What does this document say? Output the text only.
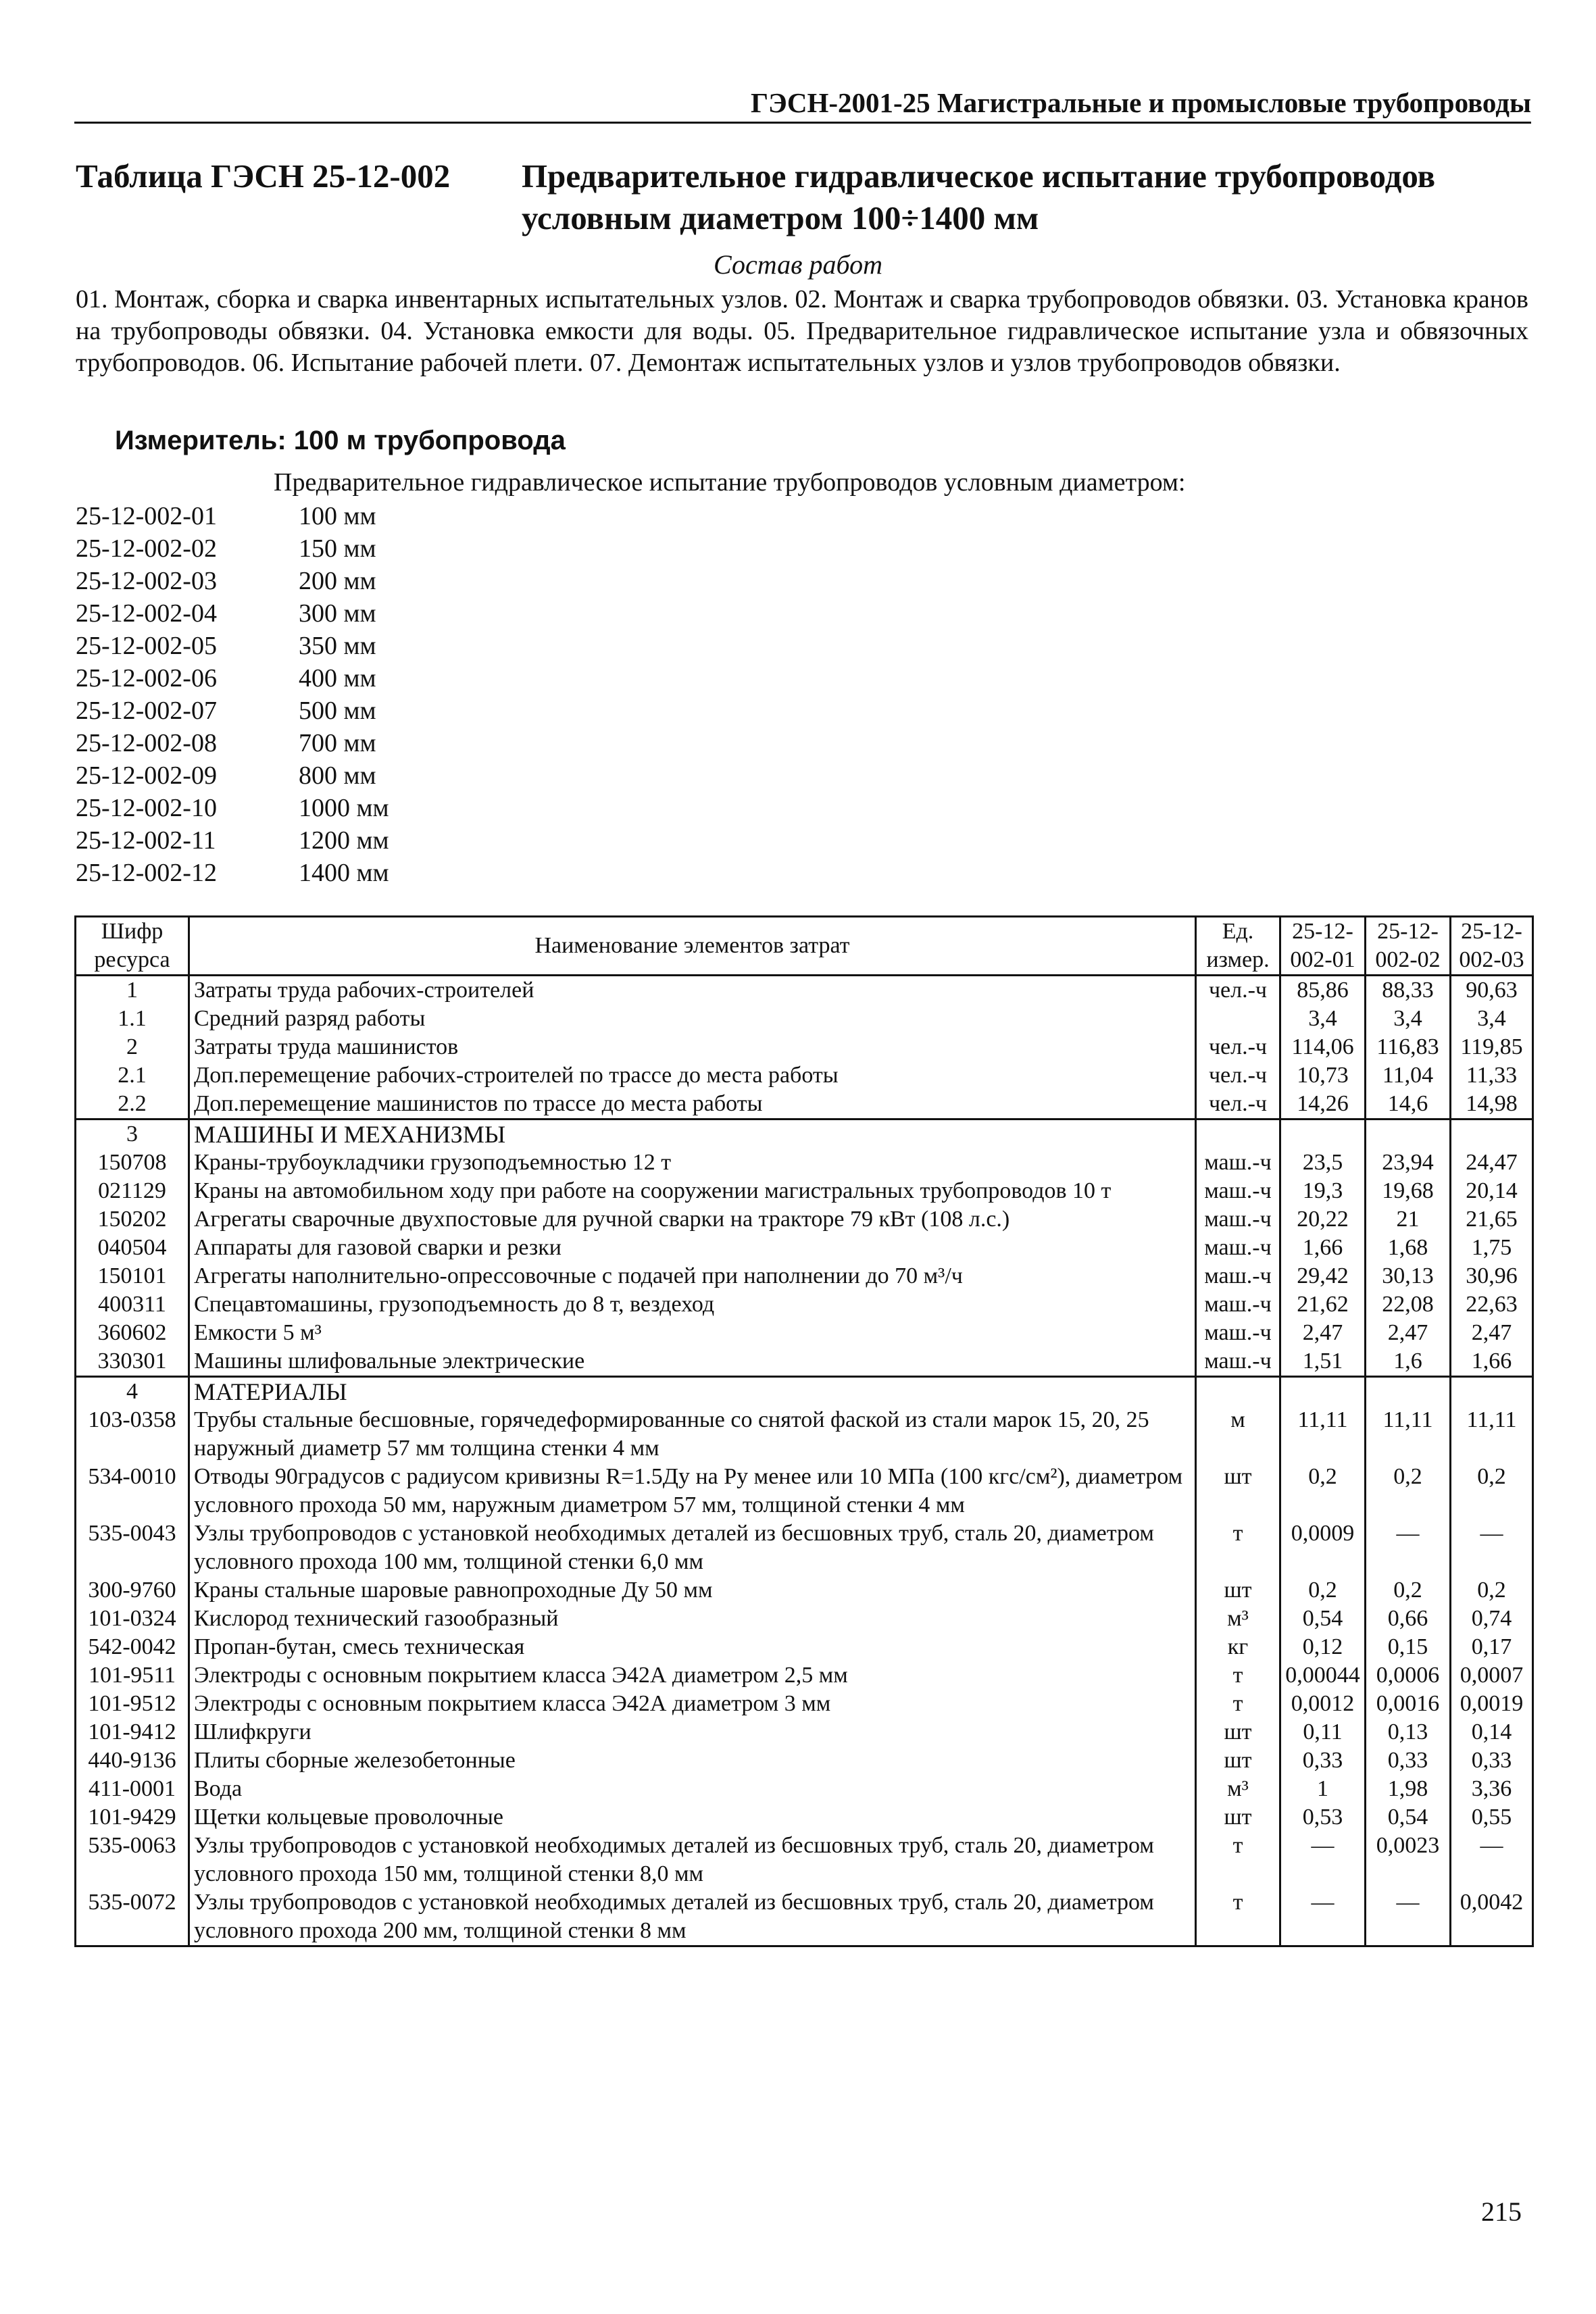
ГЭСН-2001-25 Магистральные и промысловые трубопроводы
Таблица ГЭСН 25-12-002	Предварительное гидравлическое испытание трубопроводов условным диаметром 100÷1400 мм
Состав работ
01. Монтаж, сборка и сварка инвентарных испытательных узлов. 02. Монтаж и сварка трубопроводов обвязки. 03. Установка кранов на трубопроводы обвязки. 04. Установка емкости для воды. 05. Предварительное гидравлическое испытание узла и обвязочных трубопроводов. 06. Испытание рабочей плети. 07. Демонтаж испытательных узлов и узлов трубопроводов обвязки.
Измеритель: 100 м трубопровода
Предварительное гидравлическое испытание трубопроводов условным диаметром:
25-12-002-01	100 мм
25-12-002-02	150 мм
25-12-002-03	200 мм
25-12-002-04	300 мм
25-12-002-05	350 мм
25-12-002-06	400 мм
25-12-002-07	500 мм
25-12-002-08	700 мм
25-12-002-09	800 мм
25-12-002-10	1000 мм
25-12-002-11	1200 мм
25-12-002-12	1400 мм
Шифр ресурса	Наименование элементов затрат	Ед. измер.	25-12-002-01	25-12-002-02	25-12-002-03
1	Затраты труда рабочих-строителей	чел.-ч	85,86	88,33	90,63
1.1	Средний разряд работы		3,4	3,4	3,4
2	Затраты труда машинистов	чел.-ч	114,06	116,83	119,85
2.1	Доп.перемещение рабочих-строителей по трассе до места работы	чел.-ч	10,73	11,04	11,33
2.2	Доп.перемещение машинистов по трассе до места работы	чел.-ч	14,26	14,6	14,98
3	МАШИНЫ И МЕХАНИЗМЫ				
150708	Краны-трубоукладчики грузоподъемностью 12 т	маш.-ч	23,5	23,94	24,47
021129	Краны на автомобильном ходу при работе на сооружении магистральных трубопроводов 10 т	маш.-ч	19,3	19,68	20,14
150202	Агрегаты сварочные двухпостовые для ручной сварки на тракторе 79 кВт (108 л.с.)	маш.-ч	20,22	21	21,65
040504	Аппараты для газовой сварки и резки	маш.-ч	1,66	1,68	1,75
150101	Агрегаты наполнительно-опрессовочные с подачей при наполнении до 70 м³/ч	маш.-ч	29,42	30,13	30,96
400311	Спецавтомашины, грузоподъемность до 8 т, вездеход	маш.-ч	21,62	22,08	22,63
360602	Емкости 5 м³	маш.-ч	2,47	2,47	2,47
330301	Машины шлифовальные электрические	маш.-ч	1,51	1,6	1,66
4	МАТЕРИАЛЫ				
103-0358	Трубы стальные бесшовные, горячедеформированные со снятой фаской из стали марок 15, 20, 25 наружный диаметр 57 мм толщина стенки 4 мм	м	11,11	11,11	11,11
534-0010	Отводы 90градусов с радиусом кривизны R=1.5Ду на Ру менее или 10 МПа (100 кгс/см²), диаметром условного прохода 50 мм, наружным диаметром 57 мм, толщиной стенки 4 мм	шт	0,2	0,2	0,2
535-0043	Узлы трубопроводов с установкой необходимых деталей из бесшовных труб, сталь 20, диаметром условного прохода 100 мм, толщиной стенки 6,0 мм	т	0,0009	—	—
300-9760	Краны стальные шаровые равнопроходные Ду 50 мм	шт	0,2	0,2	0,2
101-0324	Кислород технический газообразный	м³	0,54	0,66	0,74
542-0042	Пропан-бутан, смесь техническая	кг	0,12	0,15	0,17
101-9511	Электроды с основным покрытием класса Э42А диаметром 2,5 мм	т	0,00044	0,0006	0,0007
101-9512	Электроды с основным покрытием класса Э42А диаметром 3 мм	т	0,0012	0,0016	0,0019
101-9412	Шлифкруги	шт	0,11	0,13	0,14
440-9136	Плиты сборные железобетонные	шт	0,33	0,33	0,33
411-0001	Вода	м³	1	1,98	3,36
101-9429	Щетки кольцевые проволочные	шт	0,53	0,54	0,55
535-0063	Узлы трубопроводов с установкой необходимых деталей из бесшовных труб, сталь 20, диаметром условного прохода 150 мм, толщиной стенки 8,0 мм	т	—	0,0023	—
535-0072	Узлы трубопроводов с установкой необходимых деталей из бесшовных труб, сталь 20, диаметром условного прохода 200 мм, толщиной стенки 8 мм	т	—	—	0,0042
215
